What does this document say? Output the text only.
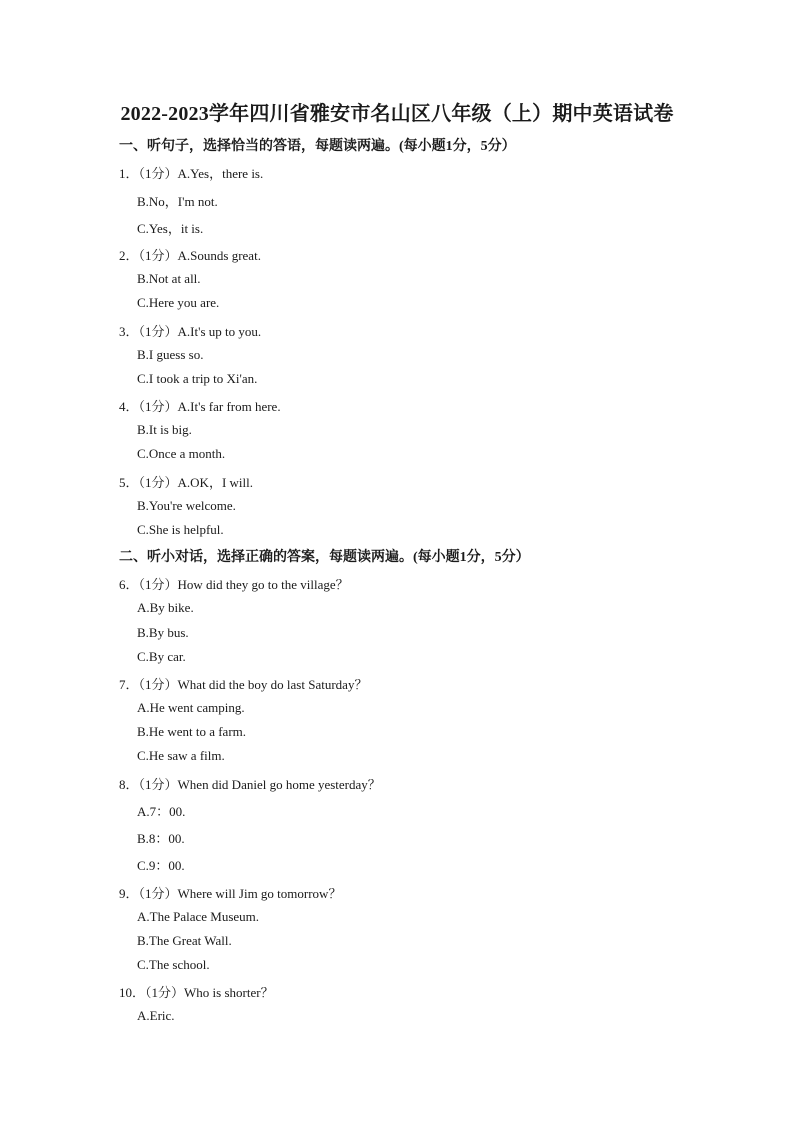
2022-2023学年四川省雅安市名山区八年级（上）期中英语试卷
一、听句子，选择恰当的答语，每题读两遍。(每小题1分，5分）
1．（1分）A.Yes，there is.
B.No，I'm not.
C.Yes，it is.
2．（1分）A.Sounds great.
B.Not at all.
C.Here you are.
3．（1分）A.It's up to you.
B.I guess so.
C.I took a trip to Xi'an.
4．（1分）A.It's far from here.
B.It is big.
C.Once a month.
5．（1分）A.OK，I will.
B.You're welcome.
C.She is helpful.
二、听小对话，选择正确的答案，每题读两遍。(每小题1分，5分）
6．（1分）How did they go to the village？
A.By bike.
B.By bus.
C.By car.
7．（1分）What did the boy do last Saturday？
A.He went camping.
B.He went to a farm.
C.He saw a film.
8．（1分）When did Daniel go home yesterday？
A.7：00.
B.8：00.
C.9：00.
9．（1分）Where will Jim go tomorrow？
A.The Palace Museum.
B.The Great Wall.
C.The school.
10．（1分）Who is shorter？
A.Eric.
